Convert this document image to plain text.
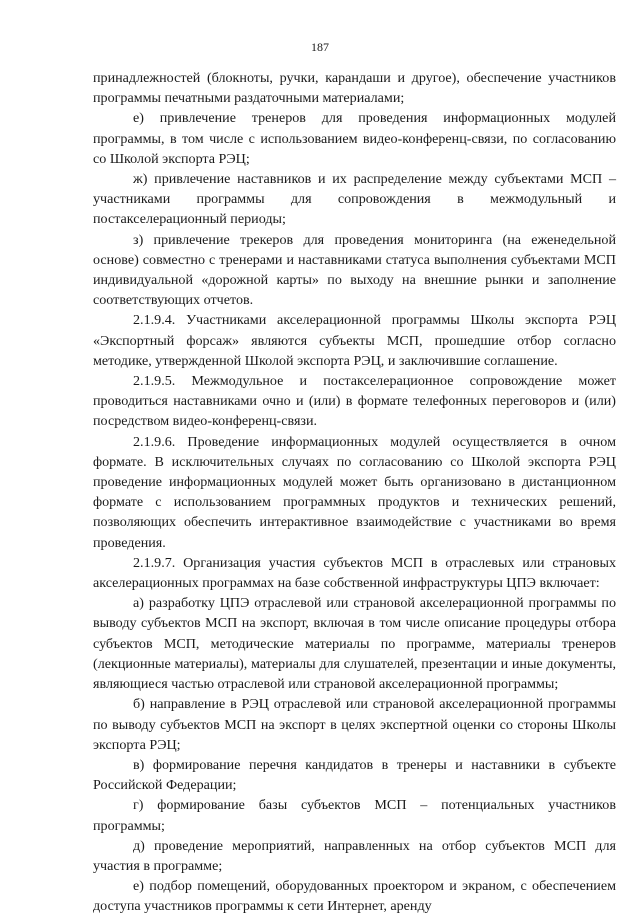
187

принадлежностей (блокноты, ручки, карандаши и другое), обеспечение участников программы печатными раздаточными материалами;

е) привлечение тренеров для проведения информационных модулей программы, в том числе с использованием видео-конференц-связи, по согласованию со Школой экспорта РЭЦ;

ж) привлечение наставников и их распределение между субъектами МСП – участниками программы для сопровождения в межмодульный и постакселерационный периоды;

з) привлечение трекеров для проведения мониторинга (на еженедельной основе) совместно с тренерами и наставниками статуса выполнения субъектами МСП индивидуальной «дорожной карты» по выходу на внешние рынки и заполнение соответствующих отчетов.

2.1.9.4. Участниками акселерационной программы Школы экспорта РЭЦ «Экспортный форсаж» являются субъекты МСП, прошедшие отбор согласно методике, утвержденной Школой экспорта РЭЦ, и заключившие соглашение.

2.1.9.5. Межмодульное и постакселерационное сопровождение может проводиться наставниками очно и (или) в формате телефонных переговоров и (или) посредством видео-конференц-связи.

2.1.9.6. Проведение информационных модулей осуществляется в очном формате. В исключительных случаях по согласованию со Школой экспорта РЭЦ проведение информационных модулей может быть организовано в дистанционном формате с использованием программных продуктов и технических решений, позволяющих обеспечить интерактивное взаимодействие с участниками во время проведения.

2.1.9.7. Организация участия субъектов МСП в отраслевых или страновых акселерационных программах на базе собственной инфраструктуры ЦПЭ включает:

а) разработку ЦПЭ отраслевой или страновой акселерационной программы по выводу субъектов МСП на экспорт, включая в том числе описание процедуры отбора субъектов МСП, методические материалы по программе, материалы тренеров (лекционные материалы), материалы для слушателей, презентации и иные документы, являющиеся частью отраслевой или страновой акселерационной программы;

б) направление в РЭЦ отраслевой или страновой акселерационной программы по выводу субъектов МСП на экспорт в целях экспертной оценки со стороны Школы экспорта РЭЦ;

в) формирование перечня кандидатов в тренеры и наставники в субъекте Российской Федерации;

г) формирование базы субъектов МСП – потенциальных участников программы;

д) проведение мероприятий, направленных на отбор субъектов МСП для участия в программе;

е) подбор помещений, оборудованных проектором и экраном, с обеспечением доступа участников программы к сети Интернет, аренду
